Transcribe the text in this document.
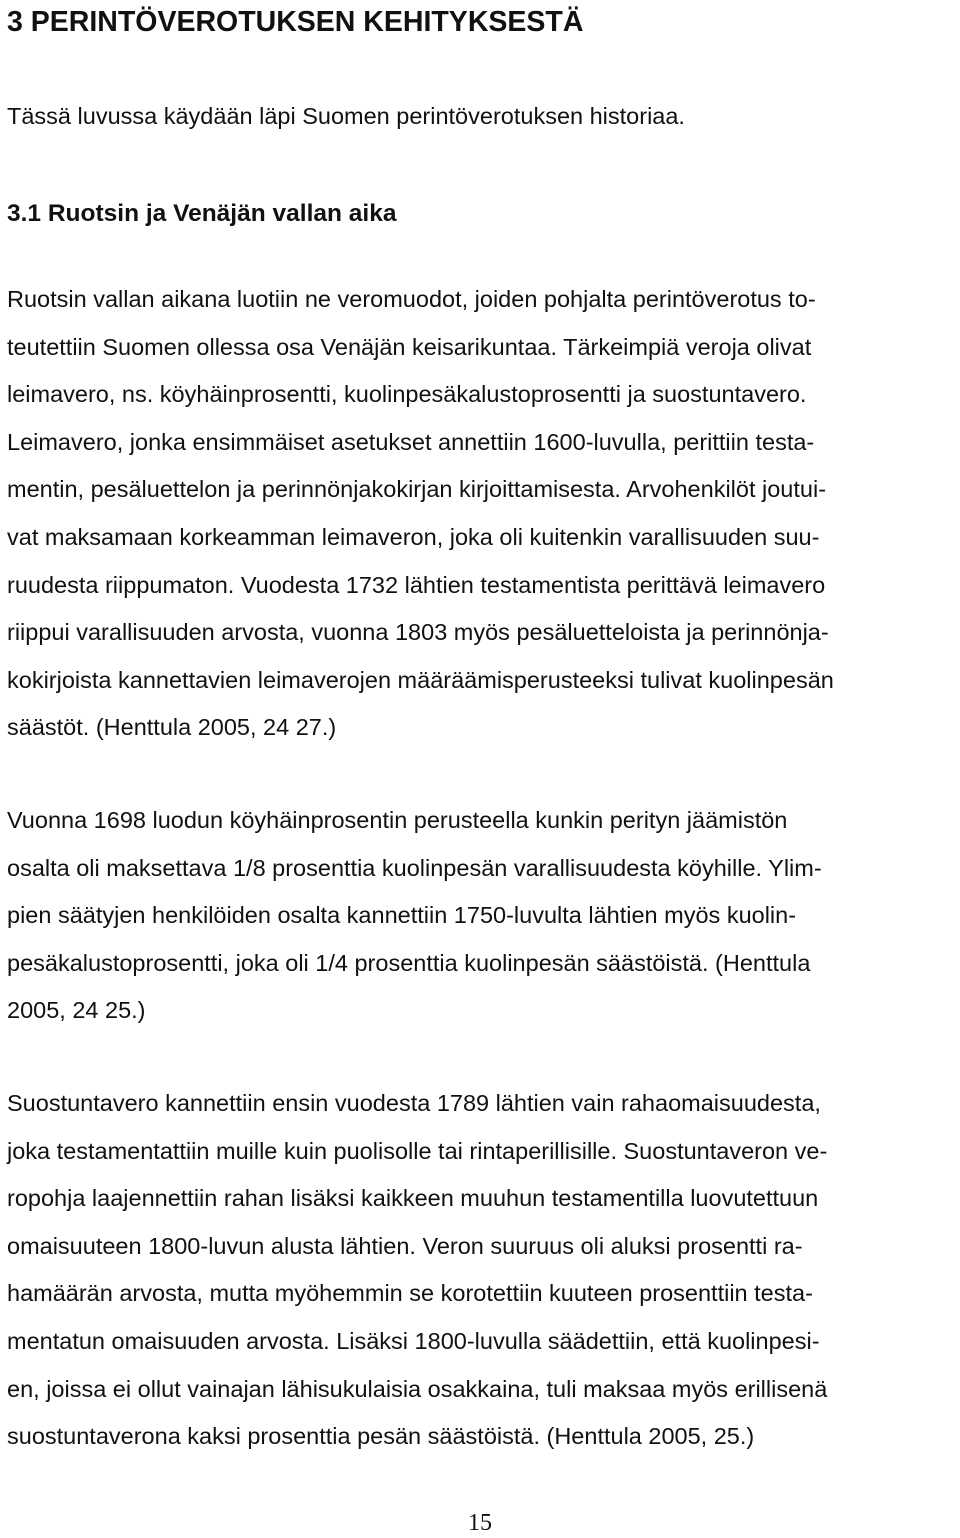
3 PERINTÖVEROTUKSEN KEHITYKSESTÄ

Tässä luvussa käydään läpi Suomen perintöverotuksen historiaa.

3.1 Ruotsin ja Venäjän vallan aika
Ruotsin vallan aikana luotiin ne veromuodot, joiden pohjalta perintöverotus to-
teutettiin Suomen ollessa osa Venäjän keisarikuntaa. Tärkeimpiä veroja olivat
leimavero, ns. köyhäinprosentti, kuolinpesäkalustoprosentti ja suostuntavero.
Leimavero, jonka ensimmäiset asetukset annettiin 1600-luvulla, perittiin testa-
mentin, pesäluettelon ja perinnönjakokirjan kirjoittamisesta. Arvohenkilöt joutui-
vat maksamaan korkeamman leimaveron, joka oli kuitenkin varallisuuden suu-
ruudesta riippumaton. Vuodesta 1732 lähtien testamentista perittävä leimavero
riippui varallisuuden arvosta, vuonna 1803 myös pesäluetteloista ja perinnönja-
kokirjoista kannettavien leimaverojen määräämisperusteeksi tulivat kuolinpesän
säästöt. (Henttula 2005, 24 27.)
Vuonna 1698 luodun köyhäinprosentin perusteella kunkin perityn jäämistön
osalta oli maksettava 1/8 prosenttia kuolinpesän varallisuudesta köyhille. Ylim-
pien säätyjen henkilöiden osalta kannettiin 1750-luvulta lähtien myös kuolin-
pesäkalustoprosentti, joka oli 1/4 prosenttia kuolinpesän säästöistä. (Henttula
2005, 24 25.)
Suostuntavero kannettiin ensin vuodesta 1789 lähtien vain rahaomaisuudesta,
joka testamentattiin muille kuin puolisolle tai rintaperillisille. Suostuntaveron ve-
ropohja laajennettiin rahan lisäksi kaikkeen muuhun testamentilla luovutettuun
omaisuuteen 1800-luvun alusta lähtien. Veron suuruus oli aluksi prosentti ra-
hamäärän arvosta, mutta myöhemmin se korotettiin kuuteen prosenttiin testa-
mentatun omaisuuden arvosta. Lisäksi 1800-luvulla säädettiin, että kuolinpesi-
en, joissa ei ollut vainajan lähisukulaisia osakkaina, tuli maksaa myös erillisenä
suostuntaverona kaksi prosenttia pesän säästöistä. (Henttula 2005, 25.)
15
